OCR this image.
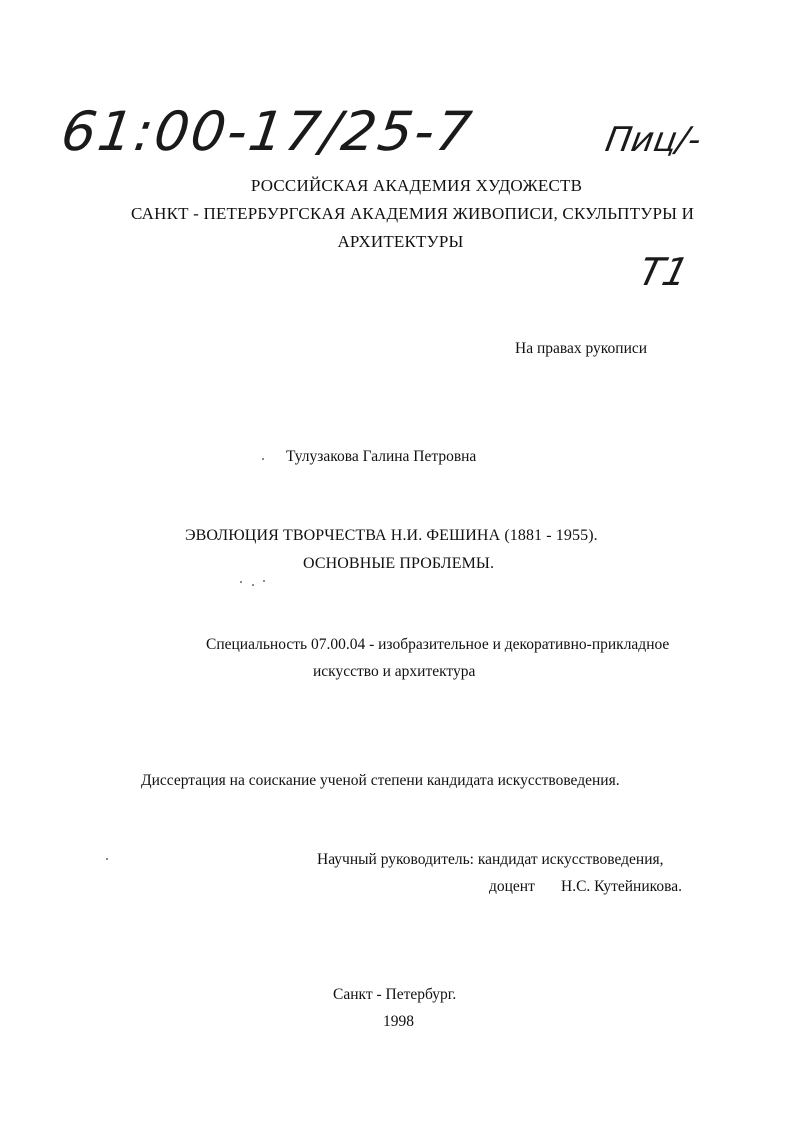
61:00-17/25-7	Пиц/-
РОССИЙСКАЯ АКАДЕМИЯ ХУДОЖЕСТВ
САНКТ - ПЕТЕРБУРГСКАЯ АКАДЕМИЯ ЖИВОПИСИ, СКУЛЬПТУРЫ И
АРХИТЕКТУРЫ
Т1
На правах рукописи
Тулузакова Галина Петровна
ЭВОЛЮЦИЯ ТВОРЧЕСТВА Н.И. ФЕШИНА (1881 - 1955).
ОСНОВНЫЕ ПРОБЛЕМЫ.
Специальность 07.00.04 - изобразительное и декоративно-прикладное
искусство и архитектура
Диссертация на соискание ученой степени кандидата искусствоведения.
Научный руководитель: кандидат искусствоведения,
доцент Н.С. Кутейникова.
Санкт - Петербург.
1998
